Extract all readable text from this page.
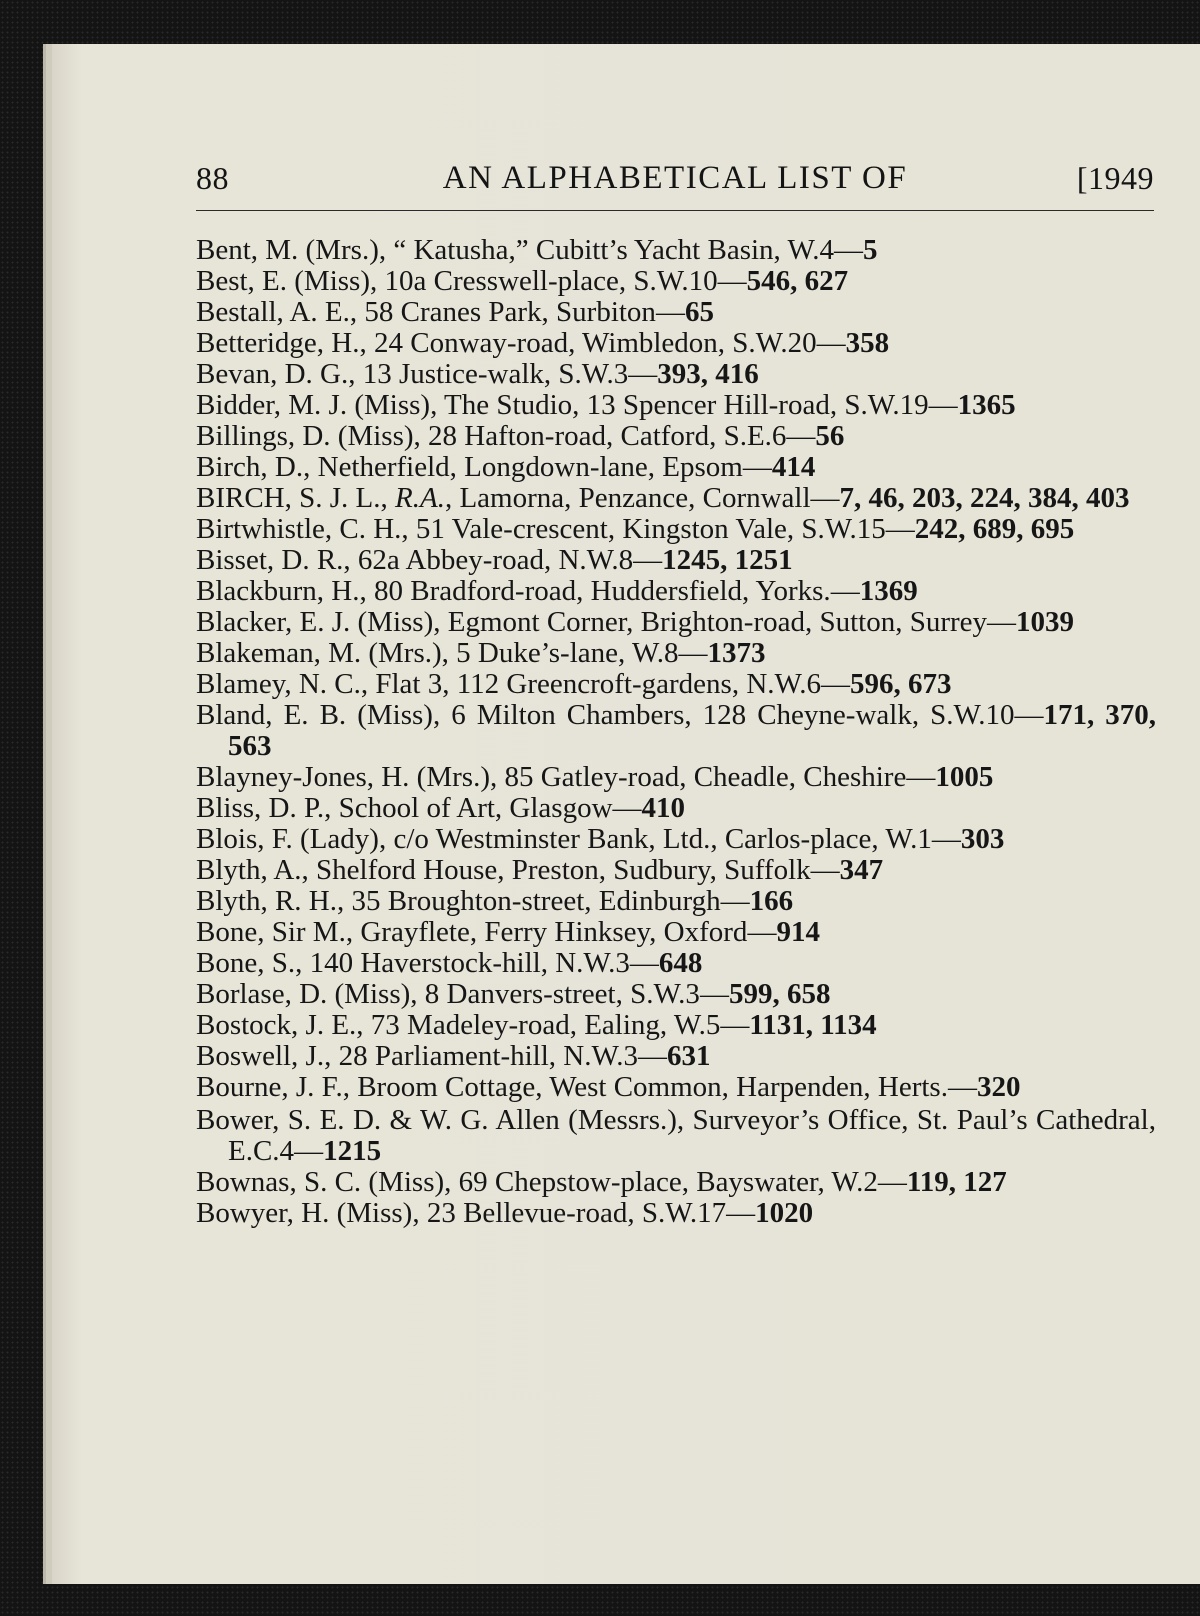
88	AN ALPHABETICAL LIST OF	[1949

Bent, M. (Mrs.), “ Katusha,” Cubitt’s Yacht Basin, W.4—5

Best, E. (Miss), 10a Cresswell-place, S.W.10—546, 627

Bestall, A. E., 58 Cranes Park, Surbiton—65

Betteridge, H., 24 Conway-road, Wimbledon, S.W.20—358

Bevan, D. G., 13 Justice-walk, S.W.3—393, 416

Bidder, M. J. (Miss), The Studio, 13 Spencer Hill-road, S.W.19—1365

Billings, D. (Miss), 28 Hafton-road, Catford, S.E.6—56

Birch, D., Netherfield, Longdown-lane, Epsom—414

BIRCH, S. J. L., R.A., Lamorna, Penzance, Cornwall—7, 46, 203, 224, 384, 403

Birtwhistle, C. H., 51 Vale-crescent, Kingston Vale, S.W.15—242, 689, 695

Bisset, D. R., 62a Abbey-road, N.W.8—1245, 1251

Blackburn, H., 80 Bradford-road, Huddersfield, Yorks.—1369

Blacker, E. J. (Miss), Egmont Corner, Brighton-road, Sutton, Surrey—1039

Blakeman, M. (Mrs.), 5 Duke’s-lane, W.8—1373

Blamey, N. C., Flat 3, 112 Greencroft-gardens, N.W.6—596, 673

Bland, E. B. (Miss), 6 Milton Chambers, 128 Cheyne-walk, S.W.10—171, 370, 563

Blayney-Jones, H. (Mrs.), 85 Gatley-road, Cheadle, Cheshire—1005

Bliss, D. P., School of Art, Glasgow—410

Blois, F. (Lady), c/o Westminster Bank, Ltd., Carlos-place, W.1—303

Blyth, A., Shelford House, Preston, Sudbury, Suffolk—347

Blyth, R. H., 35 Broughton-street, Edinburgh—166

Bone, Sir M., Grayflete, Ferry Hinksey, Oxford—914

Bone, S., 140 Haverstock-hill, N.W.3—648

Borlase, D. (Miss), 8 Danvers-street, S.W.3—599, 658

Bostock, J. E., 73 Madeley-road, Ealing, W.5—1131, 1134

Boswell, J., 28 Parliament-hill, N.W.3—631

Bourne, J. F., Broom Cottage, West Common, Harpenden, Herts.—320

Bower, S. E. D. & W. G. Allen (Messrs.), Surveyor’s Office, St. Paul’s Cathedral, E.C.4—1215

Bownas, S. C. (Miss), 69 Chepstow-place, Bayswater, W.2—119, 127

Bowyer, H. (Miss), 23 Bellevue-road, S.W.17—1020
